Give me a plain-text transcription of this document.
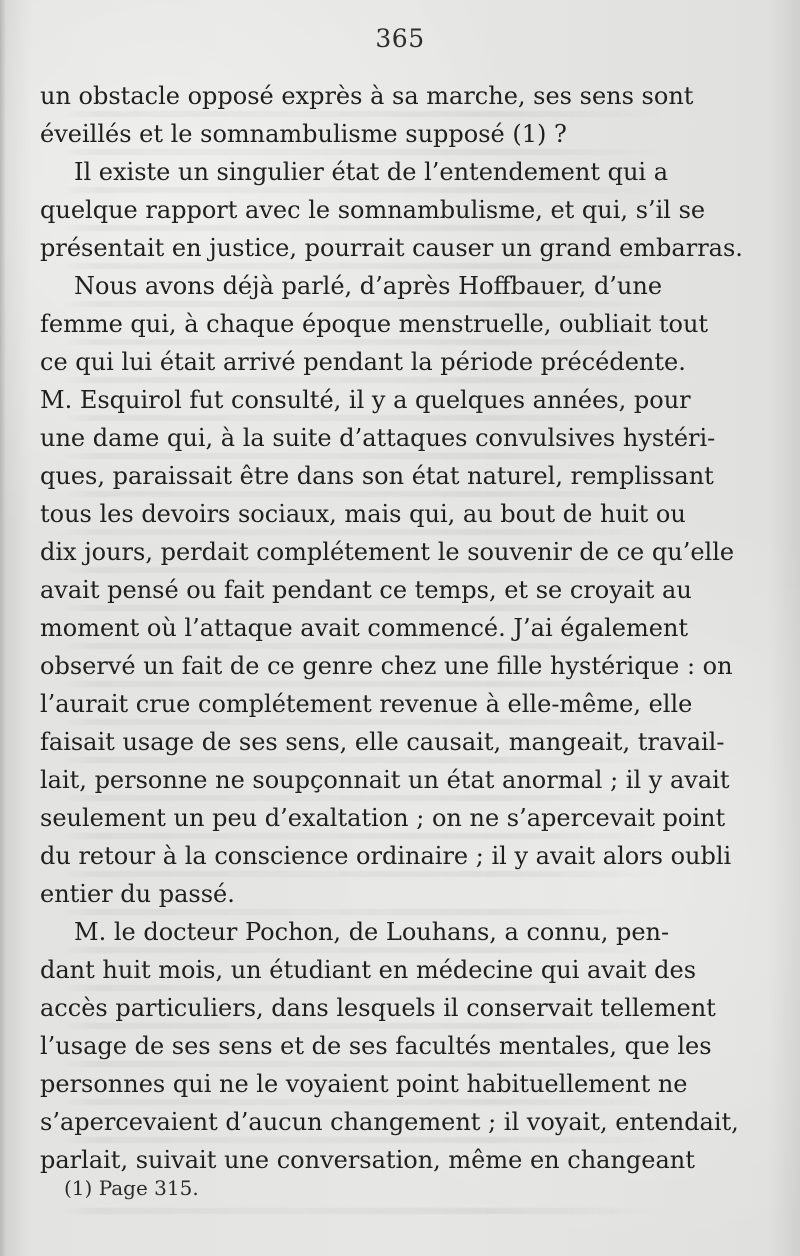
365
un obstacle opposé exprès à sa marche, ses sens sont
éveillés et le somnambulisme supposé (1) ?
Il existe un singulier état de l’entendement qui a
quelque rapport avec le somnambulisme, et qui, s’il se
présentait en justice, pourrait causer un grand embarras.
Nous avons déjà parlé, d’après Hoffbauer, d’une
femme qui, à chaque époque menstruelle, oubliait tout
ce qui lui était arrivé pendant la période précédente.
M. Esquirol fut consulté, il y a quelques années, pour
une dame qui, à la suite d’attaques convulsives hystéri-
ques, paraissait être dans son état naturel, remplissant
tous les devoirs sociaux, mais qui, au bout de huit ou
dix jours, perdait complétement le souvenir de ce qu’elle
avait pensé ou fait pendant ce temps, et se croyait au
moment où l’attaque avait commencé. J’ai également
observé un fait de ce genre chez une fille hystérique : on
l’aurait crue complétement revenue à elle-même, elle
faisait usage de ses sens, elle causait, mangeait, travail-
lait, personne ne soupçonnait un état anormal ; il y avait
seulement un peu d’exaltation ; on ne s’apercevait point
du retour à la conscience ordinaire ; il y avait alors oubli
entier du passé.
M. le docteur Pochon, de Louhans, a connu, pen-
dant huit mois, un étudiant en médecine qui avait des
accès particuliers, dans lesquels il conservait tellement
l’usage de ses sens et de ses facultés mentales, que les
personnes qui ne le voyaient point habituellement ne
s’apercevaient d’aucun changement ; il voyait, entendait,
parlait, suivait une conversation, même en changeant
(1) Page 315.
